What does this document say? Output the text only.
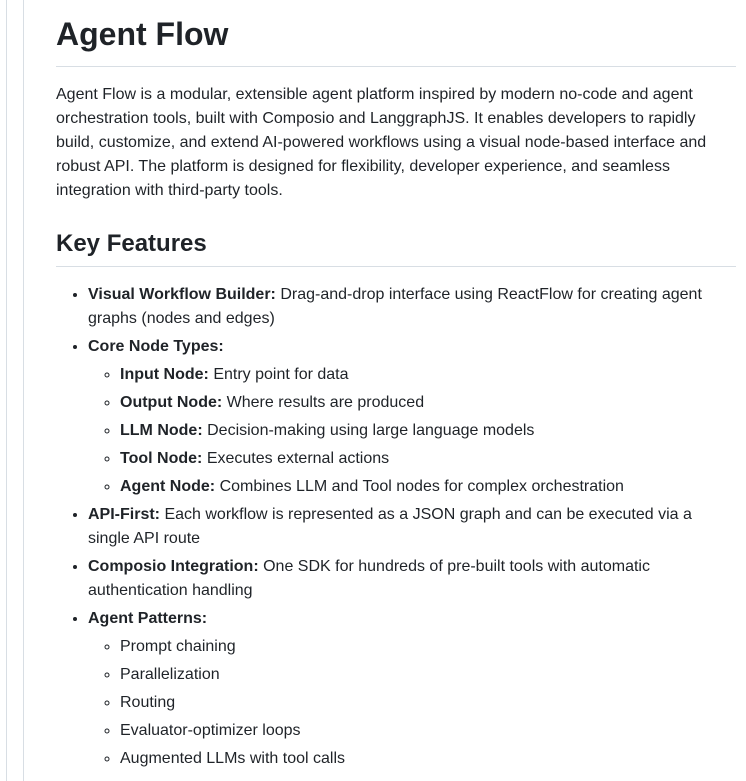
Agent Flow

Agent Flow is a modular, extensible agent platform inspired by modern no-code and agent orchestration tools, built with Composio and LanggraphJS. It enables developers to rapidly build, customize, and extend AI-powered workflows using a visual node-based interface and robust API. The platform is designed for flexibility, developer experience, and seamless integration with third-party tools.

Key Features
• Visual Workflow Builder: Drag-and-drop interface using ReactFlow for creating agent graphs (nodes and edges)
• Core Node Types:
◦ Input Node: Entry point for data
◦ Output Node: Where results are produced
◦ LLM Node: Decision-making using large language models
◦ Tool Node: Executes external actions
◦ Agent Node: Combines LLM and Tool nodes for complex orchestration
• API-First: Each workflow is represented as a JSON graph and can be executed via a single API route
• Composio Integration: One SDK for hundreds of pre-built tools with automatic authentication handling
• Agent Patterns:
◦ Prompt chaining
◦ Parallelization
◦ Routing
◦ Evaluator-optimizer loops
◦ Augmented LLMs with tool calls
